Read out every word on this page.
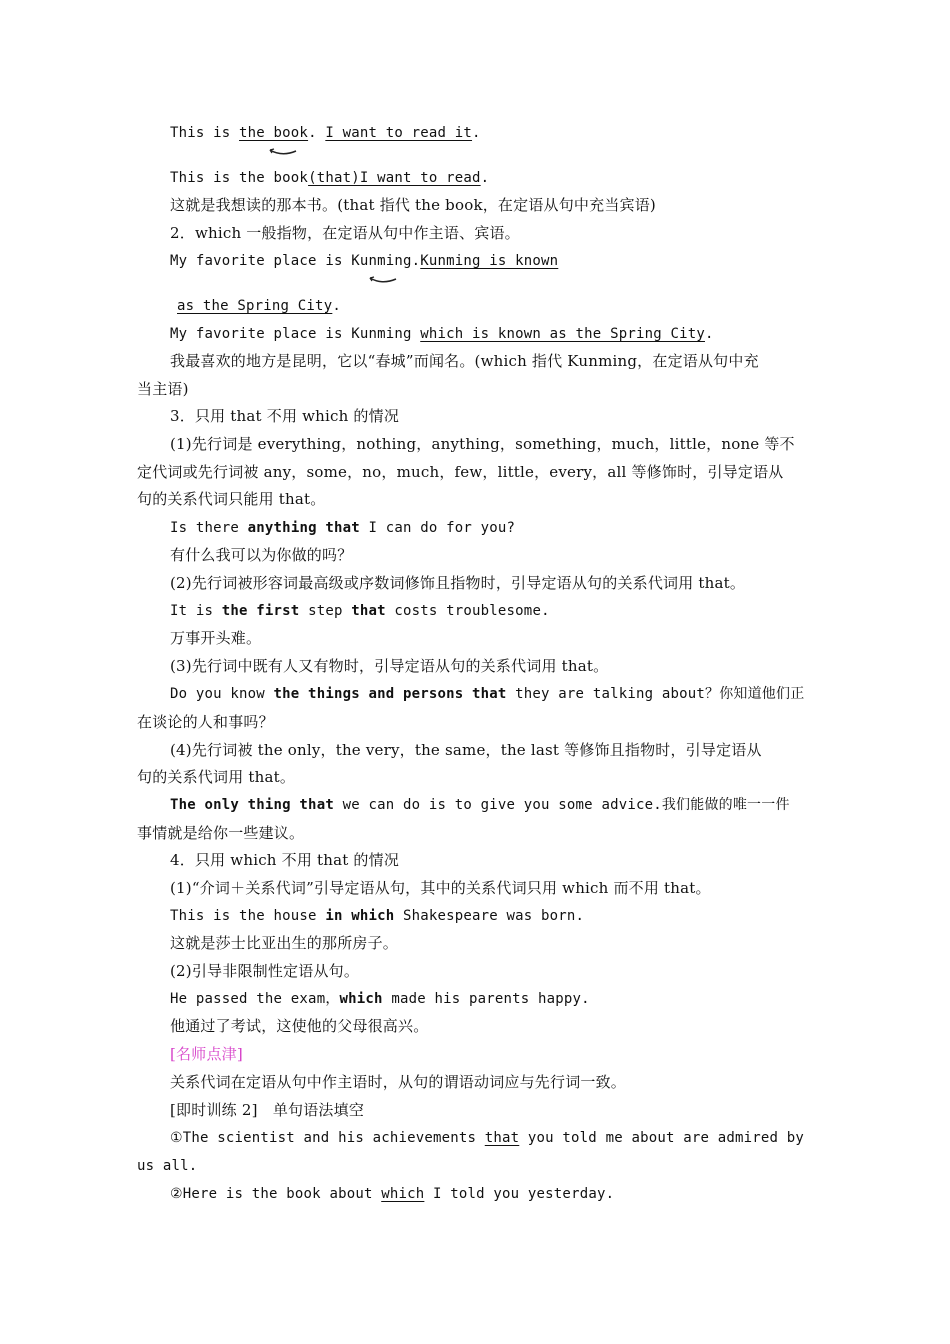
This is the book. I want to read it.
This is the book(that)I want to read.
这就是我想读的那本书。(that 指代 the book，在定语从句中充当宾语)
2．which 一般指物，在定语从句中作主语、宾语。
My favorite place is Kunming.Kunming is known
as the Spring City.
My favorite place is Kunming which is known as the Spring City.
我最喜欢的地方是昆明，它以“春城”而闻名。(which 指代 Kunming，在定语从句中充
当主语)
3．只用 that 不用 which 的情况
(1)先行词是 everything，nothing，anything，something，much，little，none 等不
定代词或先行词被 any，some，no，much，few，little，every，all 等修饰时，引导定语从
句的关系代词只能用 that。
Is there anything that I can do for you?
有什么我可以为你做的吗？
(2)先行词被形容词最高级或序数词修饰且指物时，引导定语从句的关系代词用 that。
It is the first step that costs troublesome.
万事开头难。
(3)先行词中既有人又有物时，引导定语从句的关系代词用 that。
Do you know the things and persons that they are talking about？你知道他们正
在谈论的人和事吗？
(4)先行词被 the only，the very，the same，the last 等修饰且指物时，引导定语从
句的关系代词用 that。
The only thing that we can do is to give you some advice.我们能做的唯一一件
事情就是给你一些建议。
4．只用 which 不用 that 的情况
(1)“介词＋关系代词”引导定语从句，其中的关系代词只用 which 而不用 that。
This is the house in which Shakespeare was born.
这就是莎士比亚出生的那所房子。
(2)引导非限制性定语从句。
He passed the exam，which made his parents happy.
他通过了考试，这使他的父母很高兴。
[名师点津]
关系代词在定语从句中作主语时，从句的谓语动词应与先行词一致。
[即时训练 2]　单句语法填空
①The scientist and his achievements that you told me about are admired by
us all.
②Here is the book about which I told you yesterday.
